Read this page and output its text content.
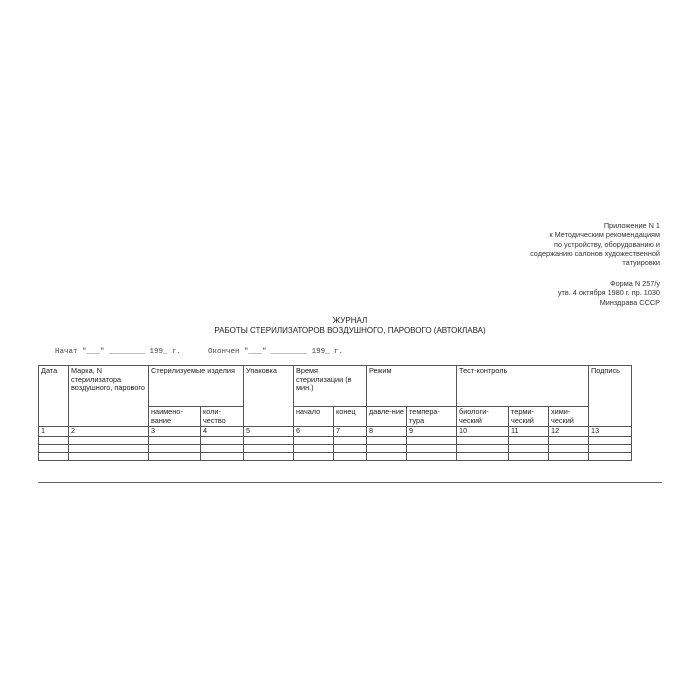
Приложение N 1
к Методическим рекомендациям
по устройству, оборудованию и
содержанию салонов художественной
татуировки
Форма N 257/у
утв. 4 октября 1980 г. пр. 1030
Минздрава СССР
ЖУРНАЛ
РАБОТЫ СТЕРИЛИЗАТОРОВ ВОЗДУШНОГО, ПАРОВОГО (АВТОКЛАВА)
Начат "___" ________ 199_ г.	Окончен "___" ________ 199_ г.
Дата	Марка, N стерилизатора воздушного, парового	Стерилизуемые изделия		Упаковка	Время стерилизации (в мин.)		Режим		Тест-контроль			Подпись
		наимено-вание	коли-чество		начало	конец	давле-ние	темпера-тура	биологи-ческий	терми-ческий	хими-ческий	
1	2	3	4	5	6	7	8	9	10	11	12	13
